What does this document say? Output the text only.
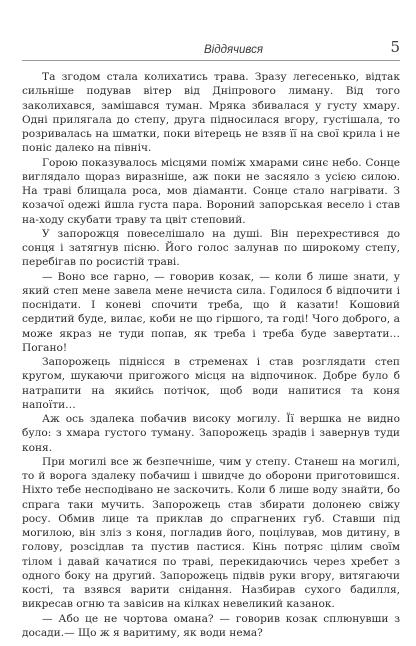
Віддячився	5

Та згодом стала колихатись трава. Зразу легесенько, відтак сильніше подував вітер від Дніпрового лиману. Від того заколихався, замішався туман. Мряка збивалася у густу хмару. Одні прилягала до степу, друга підносилася вгору, густішала, то розривалась на шматки, поки вітерець не взяв її на свої крила і не поніс далеко на північ.

Горою показувалось місцями поміж хмарами синє небо. Сонце виглядало щораз виразніше, аж поки не засяяло з усією силою. На траві блищала роса, мов діаманти. Сонце стало нагрівати. З козачої одежі йшла густа пара. Вороний запорськая весело і став на-ходу скубати траву та цвіт степовий.

У запорожця повеселішало на душі. Він перехрестився до сонця і затягнув пісню. Його голос залунав по широкому степу, перебігав по росистій траві.

— Воно все гарно, — говорив козак, — коли б лише знати, у який степ мене завела мене нечиста сила. Годилося б відпочити і поснідати. І коневі спочити треба, що й казати! Кошовий сердитий буде, вилає, коби не що гіршого, та годі! Чого доброго, а може якраз не туди попав, як треба і треба буде завертати… Погано!

Запорожець піднісся в стременах і став розглядати степ кругом, шукаючи пригожого місця на відпочинок. Добре було б натрапити на якийсь потічок, щоб води напитися та коня напоїти…

Аж ось здалека побачив високу могилу. Її вершка не видно було: з хмара густого туману. Запорожець зрадів і завернув туди коня.

При могилі все ж безпечніше, чим у степу. Станеш на могилі, то й ворога здалеку побачиш і швидче до оборони приготовишся. Ніхто тебе несподівано не заскочить. Коли б лише воду знайти, бо спрага таки мучить. Запорожець став збирати долонею свіжу росу. Обмив лице та приклав до спрагнених губ. Ставши під могилою, він зліз з коня, погладив його, поцілував, мов дитину, в голову, розсідлав та пустив пастися. Кінь потряс цілим своїм тілом і давай качатися по траві, перекидаючись через хребет з одного боку на другий. Запорожець підвів руки вгору, витягаючи кості, та взявся варити снідання. Назбирав сухого бадилля, викресав огню та завісив на кілках невеликий казанок.

— Або це не чортова омана? — говорив козак сплюнувши з досади.— Що ж я варитиму, як води нема?
